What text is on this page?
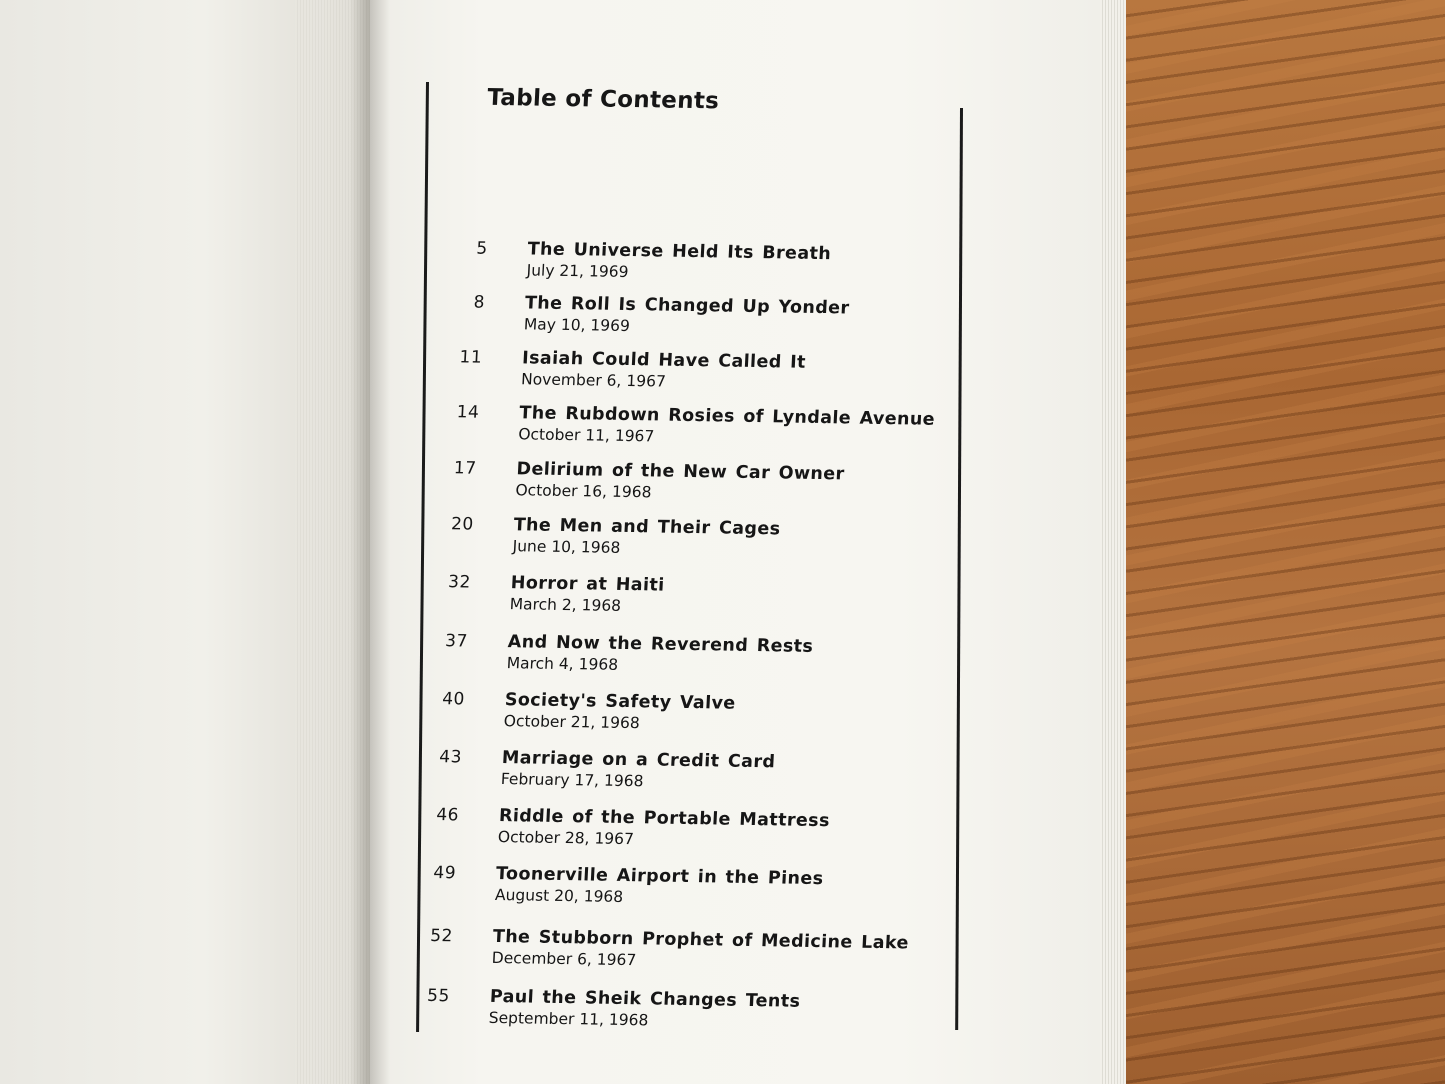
Table of Contents
5 The Universe Held Its Breath
July 21, 1969
8 The Roll Is Changed Up Yonder
May 10, 1969
11 Isaiah Could Have Called It
November 6, 1967
14 The Rubdown Rosies of Lyndale Avenue
October 11, 1967
17 Delirium of the New Car Owner
October 16, 1968
20 The Men and Their Cages
June 10, 1968
32 Horror at Haiti
March 2, 1968
37 And Now the Reverend Rests
March 4, 1968
40 Society's Safety Valve
October 21, 1968
43 Marriage on a Credit Card
February 17, 1968
46 Riddle of the Portable Mattress
October 28, 1967
49 Toonerville Airport in the Pines
August 20, 1968
52 The Stubborn Prophet of Medicine Lake
December 6, 1967
55 Paul the Sheik Changes Tents
September 11, 1968
